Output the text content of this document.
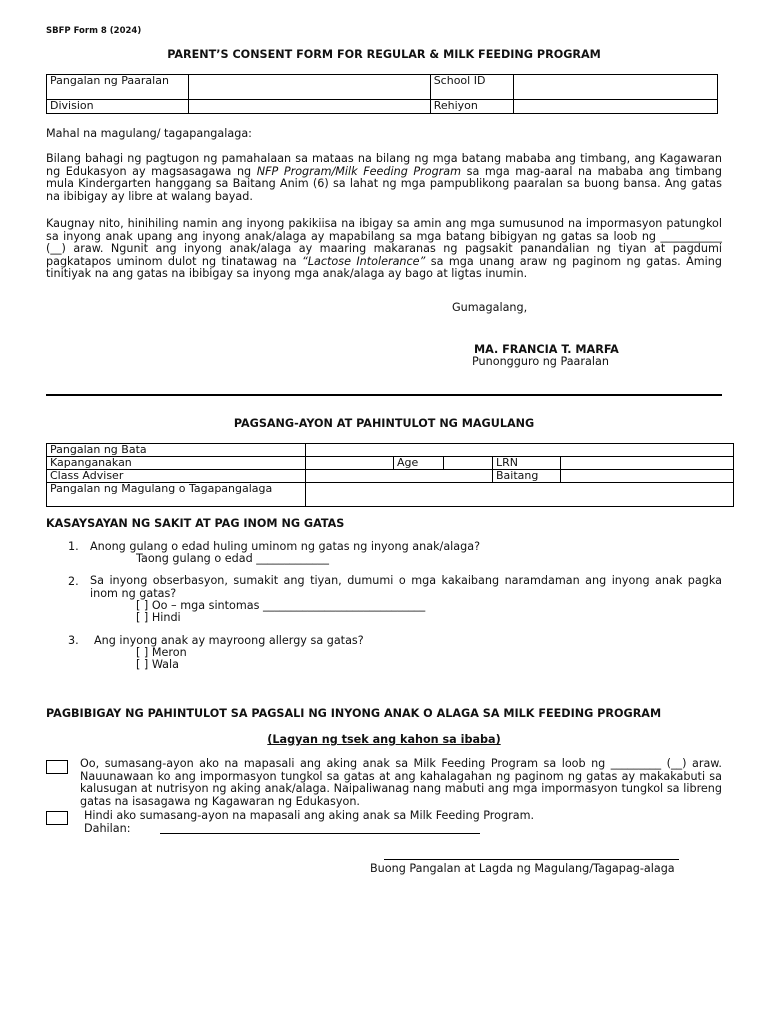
SBFP Form 8 (2024)
PARENT’S CONSENT FORM FOR REGULAR & MILK FEEDING PROGRAM
Pangalan ng Paaralan		School ID	
Division		Rehiyon	
Mahal na magulang/ tagapangalaga:
Bilang bahagi ng pagtugon ng pamahalaan sa mataas na bilang ng mga batang mababa ang timbang, ang Kagawaran ng Edukasyon ay magsasagawa ng NFP Program/Milk Feeding Program sa mga mag-aaral na mababa ang timbang mula Kindergarten hanggang sa Baitang Anim (6) sa lahat ng mga pampublikong paaralan sa buong bansa. Ang gatas na ibibigay ay libre at walang bayad.
Kaugnay nito, hinihiling namin ang inyong pakikiisa na ibigay sa amin ang mga sumusunod na impormasyon patungkol sa inyong anak upang ang inyong anak/alaga ay mapabilang sa mga batang bibigyan ng gatas sa loob ng ___________ (__) araw. Ngunit ang inyong anak/alaga ay maaring makaranas ng pagsakit panandalian ng tiyan at pagdumi pagkatapos uminom dulot ng tinatawag na “Lactose Intolerance” sa mga unang araw ng paginom ng gatas. Aming tinitiyak na ang gatas na ibibigay sa inyong mga anak/alaga ay bago at ligtas inumin.
Gumagalang,
MA. FRANCIA T. MARFA
Punongguro ng Paaralan
PAGSANG-AYON AT PAHINTULOT NG MAGULANG
Pangalan ng Bata					
Kapanganakan		Age		LRN	
Class Adviser				Baitang	
Pangalan ng Magulang o Tagapangalaga					
KASAYSAYAN NG SAKIT AT PAG INOM NG GATAS
1. Anong gulang o edad huling uminom ng gatas ng inyong anak/alaga?
Taong gulang o edad _____________
2. Sa inyong obserbasyon, sumakit ang tiyan, dumumi o mga kakaibang naramdaman ang inyong anak pagka inom ng gatas?
[ ] Oo – mga sintomas _____________________________
[ ] Hindi
3. Ang inyong anak ay mayroong allergy sa gatas?
[ ] Meron
[ ] Wala
PAGBIBIGAY NG PAHINTULOT SA PAGSALI NG INYONG ANAK O ALAGA SA MILK FEEDING PROGRAM
(Lagyan ng tsek ang kahon sa ibaba)
Oo, sumasang-ayon ako na mapasali ang aking anak sa Milk Feeding Program sa loob ng _________ (__) araw. Nauunawaan ko ang impormasyon tungkol sa gatas at ang kahalagahan ng paginom ng gatas ay makakabuti sa kalusugan at nutrisyon ng aking anak/alaga. Naipaliwanag nang mabuti ang mga impormasyon tungkol sa libreng gatas na isasagawa ng Kagawaran ng Edukasyon.
Hindi ako sumasang-ayon na mapasali ang aking anak sa Milk Feeding Program.
Dahilan:
Buong Pangalan at Lagda ng Magulang/Tagapag-alaga
